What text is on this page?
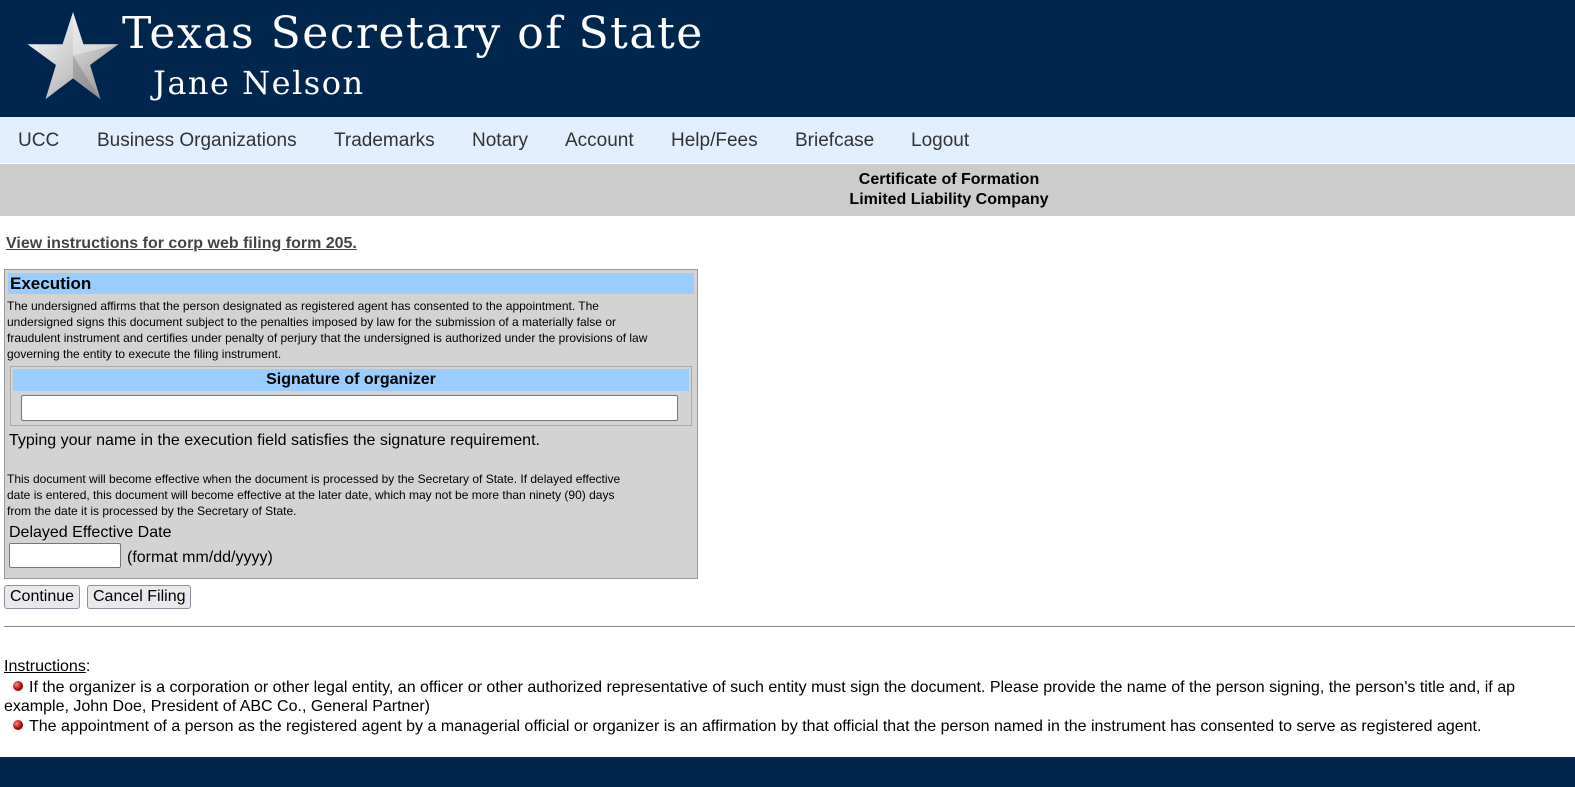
Texas Secretary of State
Jane Nelson
UCC Business Organizations Trademarks Notary Account Help/Fees Briefcase Logout
Certificate of Formation
Limited Liability Company
View instructions for corp web filing form 205.
Execution
The undersigned affirms that the person designated as registered agent has consented to the appointment. The
undersigned signs this document subject to the penalties imposed by law for the submission of a materially false or
fraudulent instrument and certifies under penalty of perjury that the undersigned is authorized under the provisions of law
governing the entity to execute the filing instrument.
Signature of organizer
Typing your name in the execution field satisfies the signature requirement.
This document will become effective when the document is processed by the Secretary of State. If delayed effective
date is entered, this document will become effective at the later date, which may not be more than ninety (90) days
from the date it is processed by the Secretary of State.
Delayed Effective Date
(format mm/dd/yyyy)
Continue	Cancel Filing
Instructions:
If the organizer is a corporation or other legal entity, an officer or other authorized representative of such entity must sign the document. Please provide the name of the person signing, the person's title and, if ap
example, John Doe, President of ABC Co., General Partner)
The appointment of a person as the registered agent by a managerial official or organizer is an affirmation by that official that the person named in the instrument has consented to serve as registered agent.
